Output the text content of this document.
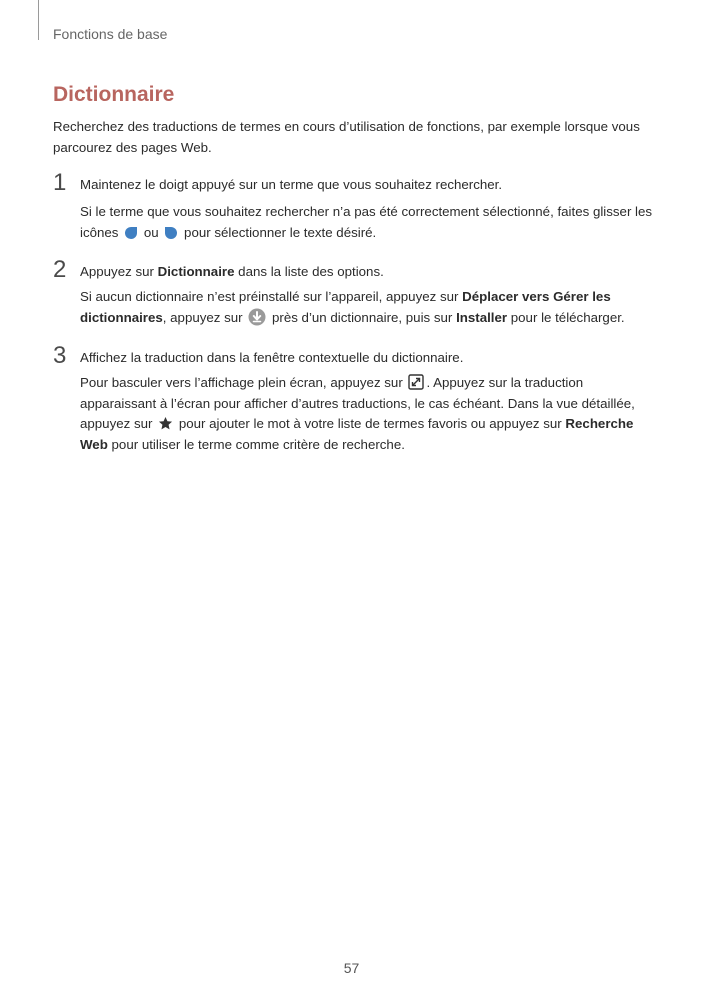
Fonctions de base
Dictionnaire

Recherchez des traductions de termes en cours d’utilisation de fonctions, par exemple lorsque vous parcourez des pages Web.

1	Maintenez le doigt appuyé sur un terme que vous souhaitez rechercher.

Si le terme que vous souhaitez rechercher n’a pas été correctement sélectionné, faites glisser les icônes ou pour sélectionner le texte désiré.

2	Appuyez sur Dictionnaire dans la liste des options.

Si aucun dictionnaire n’est préinstallé sur l’appareil, appuyez sur Déplacer vers Gérer les dictionnaires, appuyez sur près d’un dictionnaire, puis sur Installer pour le télécharger.

3	Affichez la traduction dans la fenêtre contextuelle du dictionnaire.

Pour basculer vers l’affichage plein écran, appuyez sur . Appuyez sur la traduction apparaissant à l’écran pour afficher d’autres traductions, le cas échéant. Dans la vue détaillée, appuyez sur pour ajouter le mot à votre liste de termes favoris ou appuyez sur Recherche Web pour utiliser le terme comme critère de recherche.

57
